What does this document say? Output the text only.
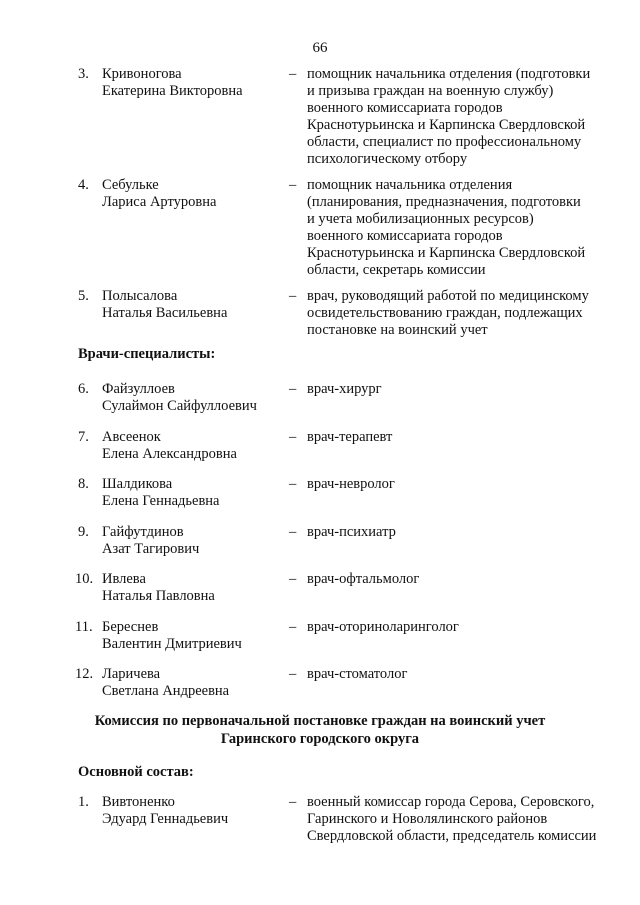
66
3. Кривоногова
Екатерина Викторовна
– помощник начальника отделения (подготовки
и призыва граждан на военную службу)
военного комиссариата городов
Краснотурьинска и Карпинска Свердловской
области, специалист по профессиональному
психологическому отбору
4. Себульке
Лариса Артуровна
– помощник начальника отделения
(планирования, предназначения, подготовки
и учета мобилизационных ресурсов)
военного комиссариата городов
Краснотурьинска и Карпинска Свердловской
области, секретарь комиссии
5. Полысалова
Наталья Васильевна
– врач, руководящий работой по медицинскому
освидетельствованию граждан, подлежащих
постановке на воинский учет
Врачи-специалисты:
6. Файзуллоев
Сулаймон Сайфуллоевич
– врач-хирург
7. Авсеенок
Елена Александровна
– врач-терапевт
8. Шалдикова
Елена Геннадьевна
– врач-невролог
9. Гайфутдинов
Азат Тагирович
– врач-психиатр
10. Ивлева
Наталья Павловна
– врач-офтальмолог
11. Береснев
Валентин Дмитриевич
– врач-оториноларинголог
12. Ларичева
Светлана Андреевна
– врач-стоматолог
Комиссия по первоначальной постановке граждан на воинский учет
Гаринского городского округа
Основной состав:
1. Вивтоненко
Эдуард Геннадьевич
– военный комиссар города Серова, Серовского,
Гаринского и Новолялинского районов
Свердловской области, председатель комиссии
